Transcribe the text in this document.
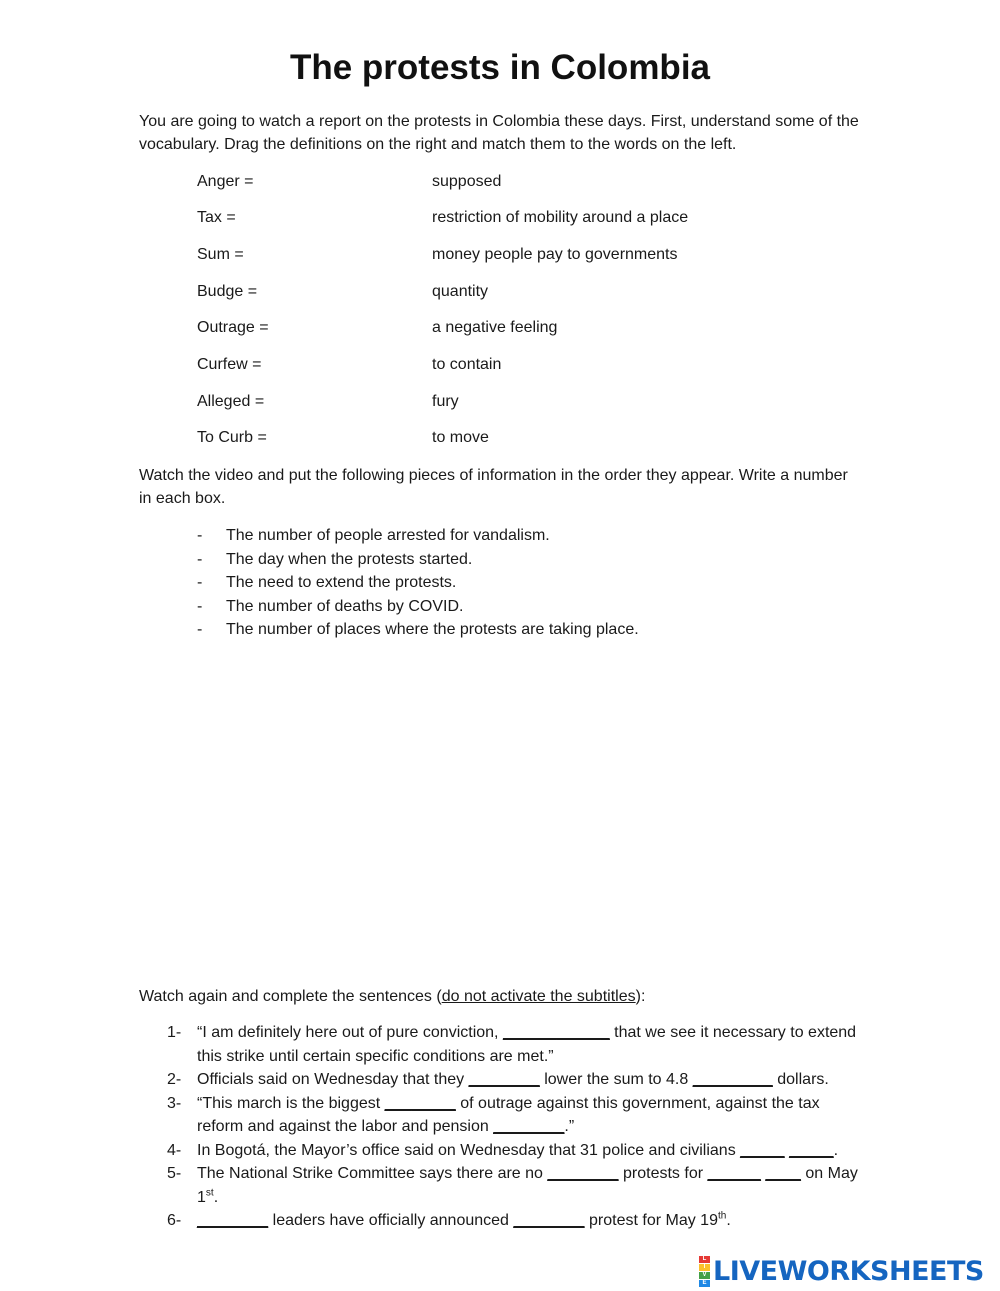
The protests in Colombia

You are going to watch a report on the protests in Colombia these days. First, understand some of the vocabulary. Drag the definitions on the right and match them to the words on the left.

Anger =	supposed
Tax =	restriction of mobility around a place
Sum =	money people pay to governments
Budge =	quantity
Outrage =	a negative feeling
Curfew =	to contain
Alleged =	fury
To Curb =	to move

Watch the video and put the following pieces of information in the order they appear. Write a number in each box.

- The number of people arrested for vandalism.
- The day when the protests started.
- The need to extend the protests.
- The number of deaths by COVID.
- The number of places where the protests are taking place.

Watch again and complete the sentences (do not activate the subtitles):

1- “I am definitely here out of pure conviction, ____________ that we see it necessary to extend this strike until certain specific conditions are met.”
2- Officials said on Wednesday that they ________ lower the sum to 4.8 _________ dollars.
3- “This march is the biggest ________ of outrage against this government, against the tax reform and against the labor and pension ________.”
4- In Bogotá, the Mayor’s office said on Wednesday that 31 police and civilians _____ _____.
5- The National Strike Committee says there are no ________ protests for ______ ____ on May 1st.
6- ________ leaders have officially announced ________ protest for May 19th.
L
I
V
E LIVEWORKSHEETS
